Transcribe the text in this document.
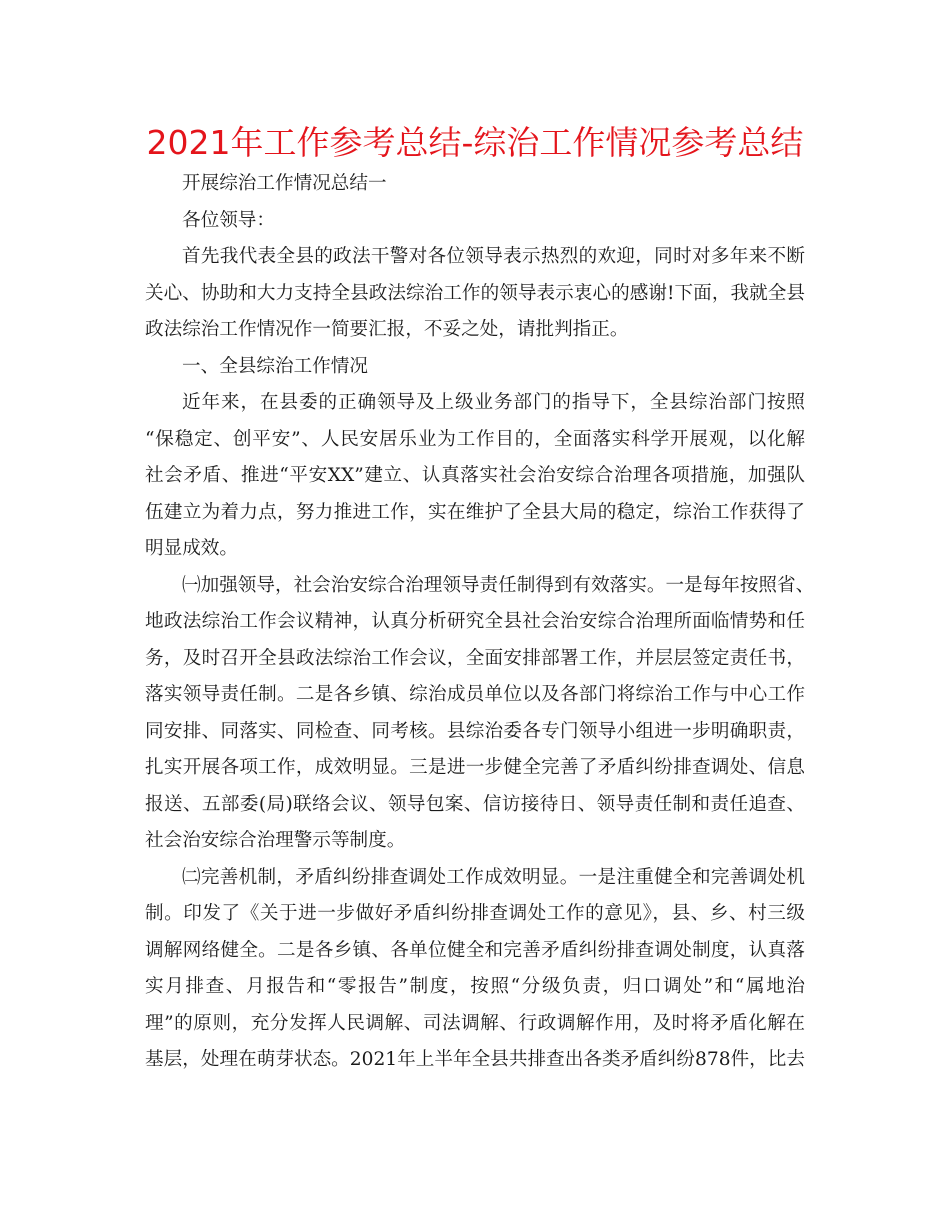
2021年工作参考总结-综治工作情况参考总结
开展综治工作情况总结一
各位领导：
首先我代表全县的政法干警对各位领导表示热烈的欢迎，同时对多年来不断
关心、协助和大力支持全县政法综治工作的领导表示衷心的感谢!下面，我就全县
政法综治工作情况作一简要汇报，不妥之处，请批判指正。
一、全县综治工作情况
近年来，在县委的正确领导及上级业务部门的指导下，全县综治部门按照
“保稳定、创平安”、人民安居乐业为工作目的，全面落实科学开展观，以化解
社会矛盾、推进“平安XX”建立、认真落实社会治安综合治理各项措施，加强队
伍建立为着力点，努力推进工作，实在维护了全县大局的稳定，综治工作获得了
明显成效。
㈠加强领导，社会治安综合治理领导责任制得到有效落实。一是每年按照省、
地政法综治工作会议精神，认真分析研究全县社会治安综合治理所面临情势和任
务，及时召开全县政法综治工作会议，全面安排部署工作，并层层签定责任书，
落实领导责任制。二是各乡镇、综治成员单位以及各部门将综治工作与中心工作
同安排、同落实、同检查、同考核。县综治委各专门领导小组进一步明确职责，
扎实开展各项工作，成效明显。三是进一步健全完善了矛盾纠纷排查调处、信息
报送、五部委(局)联络会议、领导包案、信访接待日、领导责任制和责任追查、
社会治安综合治理警示等制度。
㈡完善机制，矛盾纠纷排查调处工作成效明显。一是注重健全和完善调处机
制。印发了《关于进一步做好矛盾纠纷排查调处工作的意见》，县、乡、村三级
调解网络健全。二是各乡镇、各单位健全和完善矛盾纠纷排查调处制度，认真落
实月排查、月报告和“零报告”制度，按照“分级负责，归口调处”和“属地治
理”的原则，充分发挥人民调解、司法调解、行政调解作用，及时将矛盾化解在
基层，处理在萌芽状态。2021年上半年全县共排查出各类矛盾纠纷878件，比去
